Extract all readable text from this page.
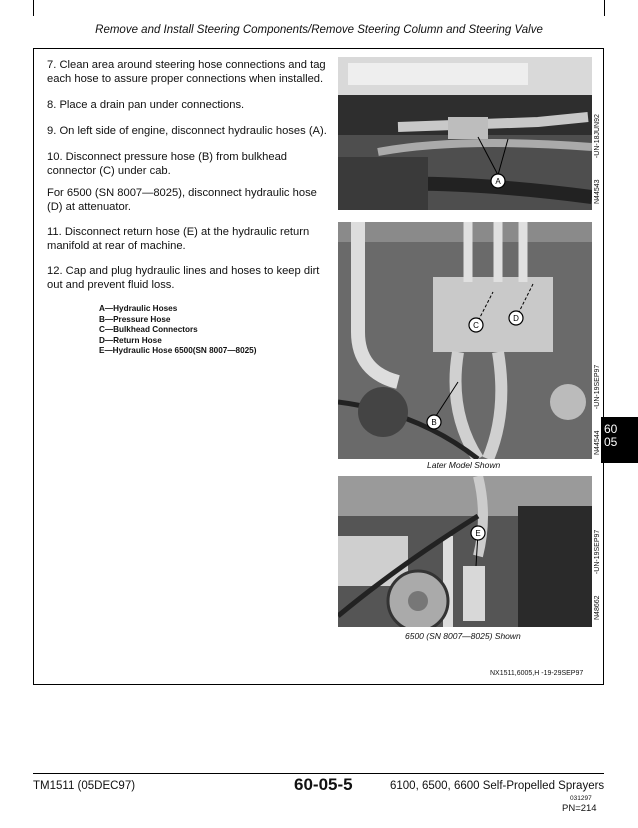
Remove and Install Steering Components/Remove Steering Column and Steering Valve
7. Clean area around steering hose connections and tag each hose to assure proper connections when installed.
8. Place a drain pan under connections.
9. On left side of engine, disconnect hydraulic hoses (A).
10. Disconnect pressure hose (B) from bulkhead connector (C) under cab.
For 6500 (SN 8007—8025), disconnect hydraulic hose (D) at attenuator.
11. Disconnect return hose (E) at the hydraulic return manifold at rear of machine.
12. Cap and plug hydraulic lines and hoses to keep dirt out and prevent fluid loss.
A—Hydraulic Hoses
B—Pressure Hose
C—Bulkhead Connectors
D—Return Hose
E—Hydraulic Hose 6500(SN 8007—8025)
A	N44543           -UN-18JUN92
C
D
B
N44544           -UN-19SEP97
Later Model Shown
E
N48662           -UN-19SEP97
6500 (SN 8007—8025) Shown
NX1511,6005,H -19-29SEP97
60
05
TM1511 (05DEC97)	60-05-5	6100, 6500, 6600 Self-Propelled Sprayers
031297
PN=214
